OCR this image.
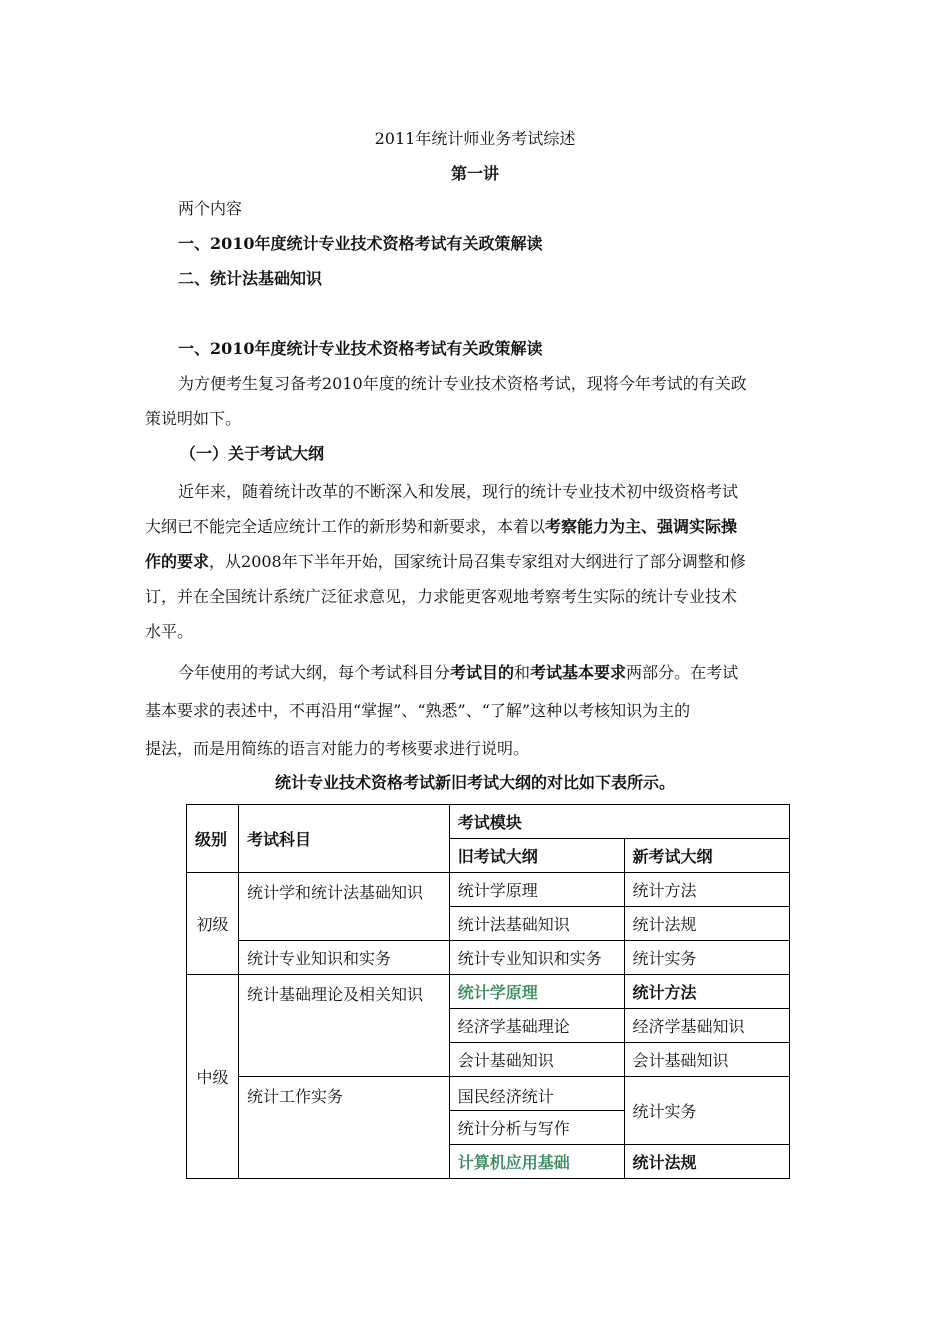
2011年统计师业务考试综述
第一讲
两个内容
一、2010年度统计专业技术资格考试有关政策解读
二、统计法基础知识
一、2010年度统计专业技术资格考试有关政策解读
为方便考生复习备考2010年度的统计专业技术资格考试，现将今年考试的有关政
策说明如下。
（一）关于考试大纲
近年来，随着统计改革的不断深入和发展，现行的统计专业技术初中级资格考试
大纲已不能完全适应统计工作的新形势和新要求，本着以考察能力为主、强调实际操
作的要求，从2008年下半年开始，国家统计局召集专家组对大纲进行了部分调整和修
订，并在全国统计系统广泛征求意见，力求能更客观地考察考生实际的统计专业技术
水平。
今年使用的考试大纲，每个考试科目分考试目的和考试基本要求两部分。在考试
基本要求的表述中，不再沿用“掌握”、“熟悉”、“了解”这种以考核知识为主的
提法，而是用简练的语言对能力的考核要求进行说明。
统计专业技术资格考试新旧考试大纲的对比如下表所示。
级别	考试科目	考试模块	
		旧考试大纲	新考试大纲
初级	统计学和统计法基础知识	统计学原理	统计方法
		统计法基础知识	统计法规
	统计专业知识和实务	统计专业知识和实务	统计实务
中级	统计基础理论及相关知识	统计学原理	统计方法
		经济学基础理论	经济学基础知识
		会计基础知识	会计基础知识
	统计工作实务	国民经济统计	统计实务
		统计分析与写作	
		计算机应用基础	统计法规
